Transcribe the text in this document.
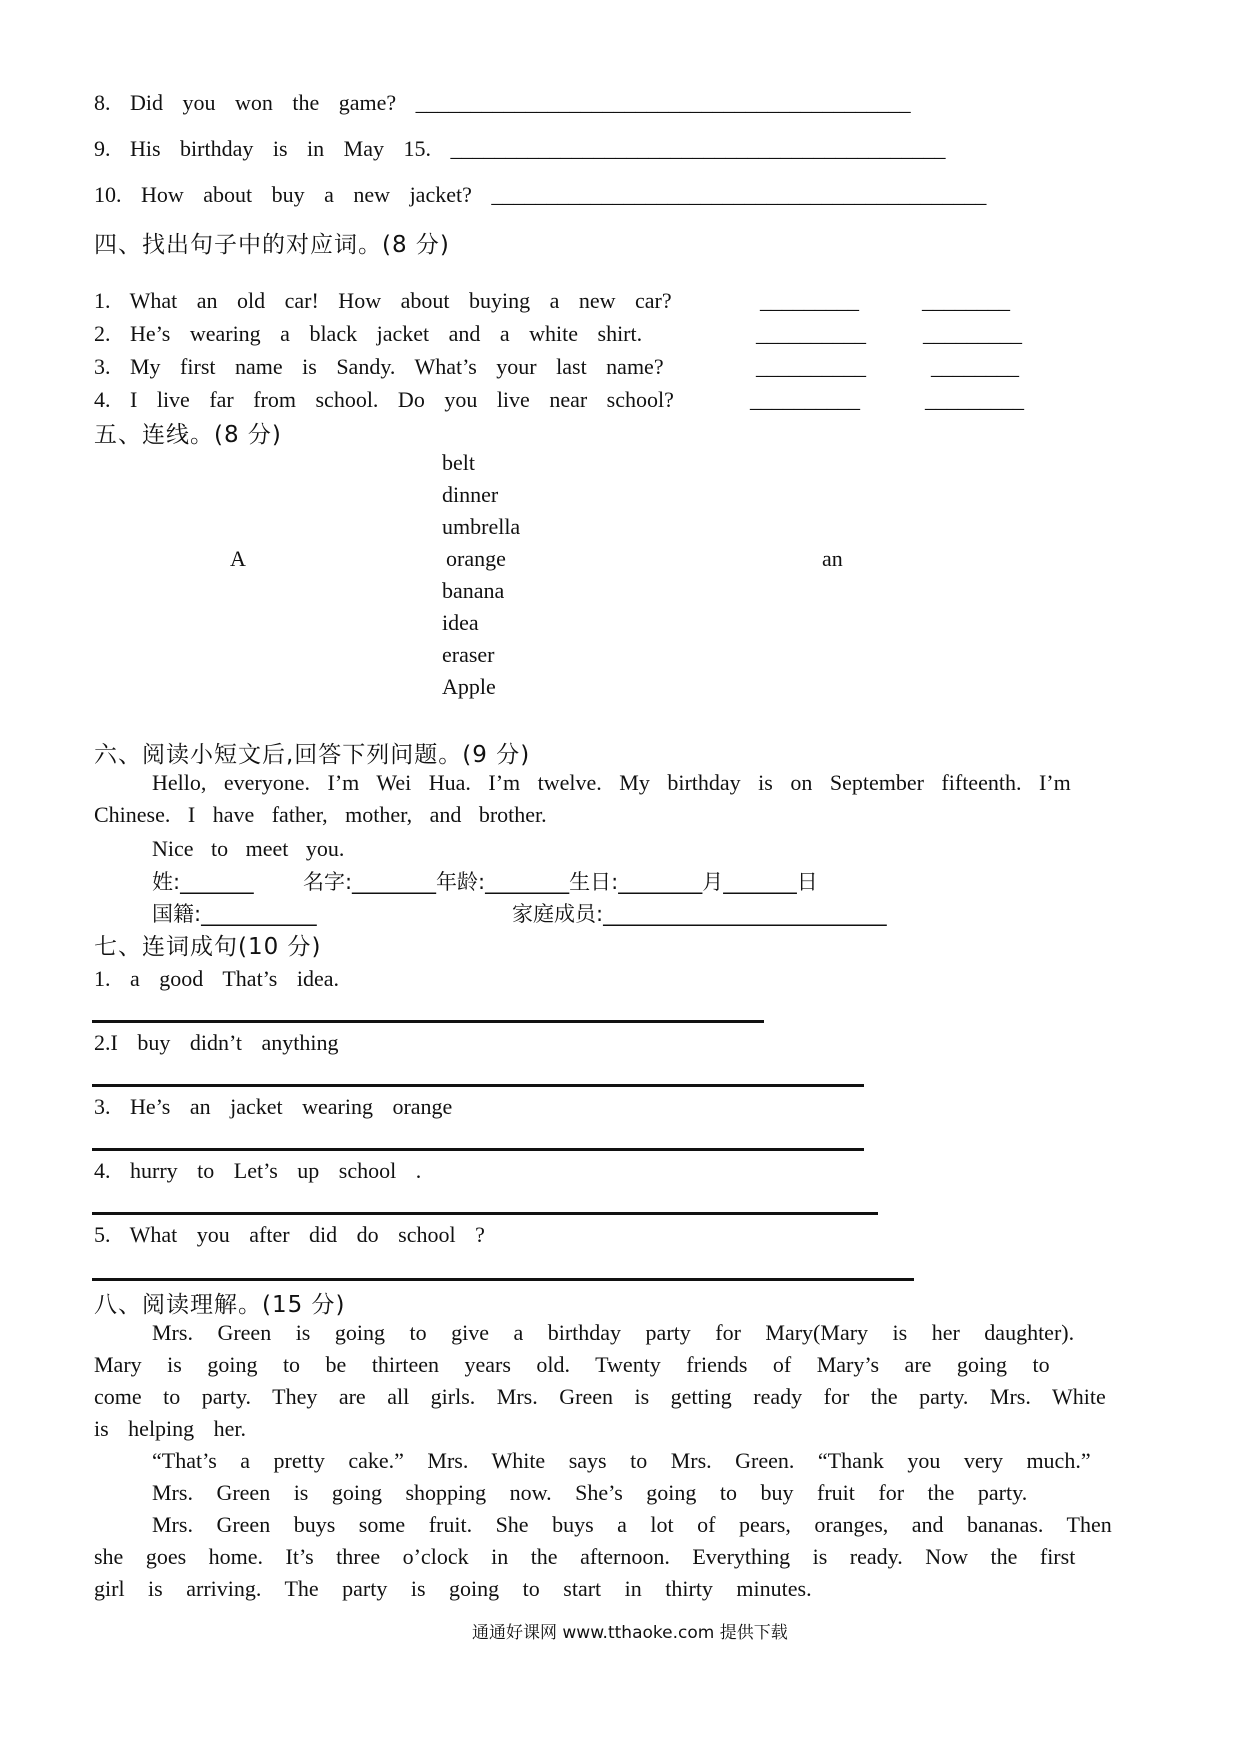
8. Did you won the game? _____________________________________________
9. His birthday is in May 15. _____________________________________________
10. How about buy a new jacket? _____________________________________________
四、找出句子中的对应词。(8 分)
1. What an old car! How about buying a new car?	_________	________
2. He’s wearing a black jacket and a white shirt.	__________	_________
3. My first name is Sandy. What’s your last name?	__________	________
4. I live far from school. Do you live near school?	__________	_________
五、连线。(8 分)
belt
dinner
umbrella
orange
banana
idea
eraser
Apple
A	an
六、阅读小短文后,回答下列问题。(9 分)
Hello, everyone. I’m Wei Hua. I’m twelve. My birthday is on September fifteenth. I’m
Chinese. I have father, mother, and brother.
Nice to meet you.
姓:_______ 名字:________年龄:________生日:________月_______日
国籍:___________	家庭成员:___________________________
七、连词成句(10 分)
1. a good That’s idea.
2.I buy didn’t anything
3. He’s an jacket wearing orange
4. hurry to Let’s up school .
5. What you after did do school ?
八、阅读理解。(15 分)
Mrs. Green is going to give a birthday party for Mary(Mary is her daughter).
Mary is going to be thirteen years old. Twenty friends of Mary’s are going to
come to party. They are all girls. Mrs. Green is getting ready for the party. Mrs. White
is helping her.
“That’s a pretty cake.” Mrs. White says to Mrs. Green. “Thank you very much.”
Mrs. Green is going shopping now. She’s going to buy fruit for the party.
Mrs. Green buys some fruit. She buys a lot of pears, oranges, and bananas. Then
she goes home. It’s three o’clock in the afternoon. Everything is ready. Now the first
girl is arriving. The party is going to start in thirty minutes.
通通好课网 www.tthaoke.com 提供下载
